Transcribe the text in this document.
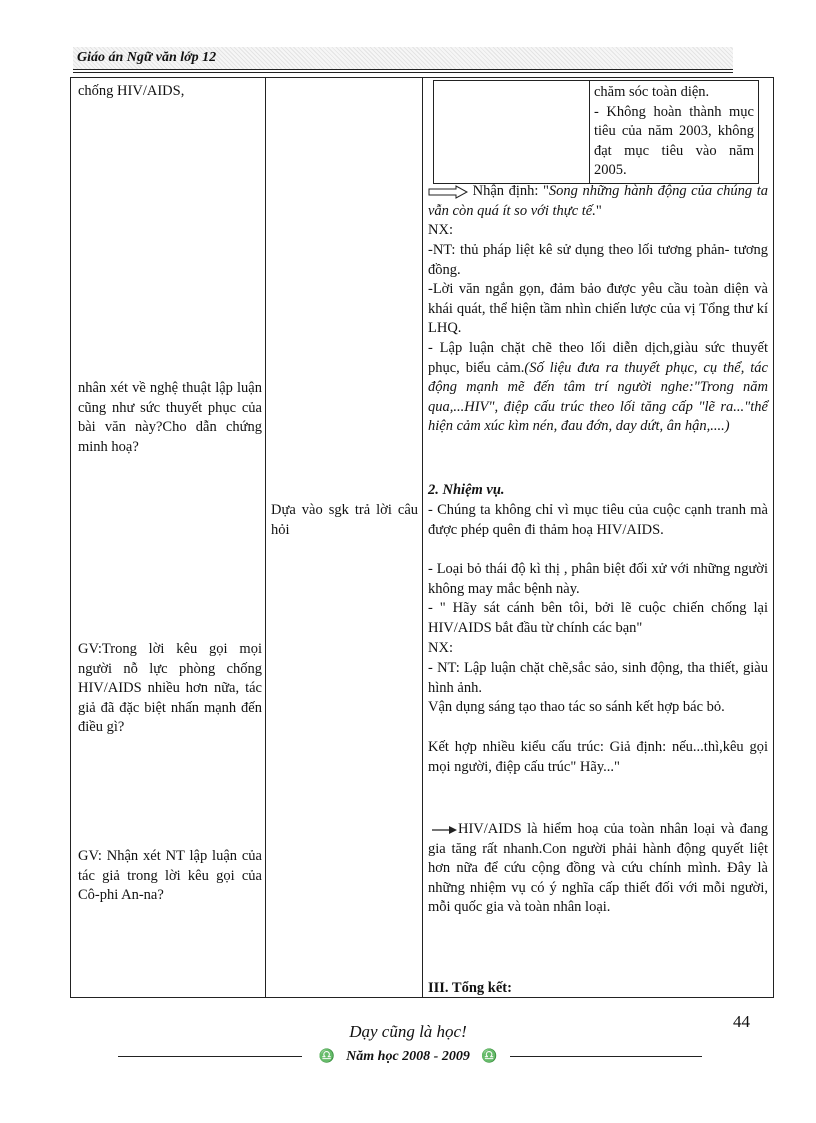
Giáo án Ngữ văn lớp 12

chống HIV/AIDS,

nhân xét về nghệ thuật lập luận cũng như sức thuyết phục của bài văn này?Cho dẫn chứng minh hoạ?

GV:Trong lời kêu gọi mọi người nỗ lực phòng chống HIV/AIDS nhiều hơn nữa, tác giả đã đặc biệt nhấn mạnh đến điều gì?

GV: Nhận xét NT lập luận của tác giả trong lời kêu gọi của Cô-phi An-na?

Dựa vào sgk trả lời câu hỏi

chăm sóc toàn diện.
- Không hoàn thành mục tiêu của năm 2003, không đạt mục tiêu vào năm 2005.

Nhận định: "Song những hành động của chúng ta vẫn còn quá ít so với thực tế."

NX:

-NT: thủ pháp liệt kê sử dụng theo lối tương phản- tương đồng.

-Lời văn ngắn gọn, đảm bảo được yêu cầu toàn diện và khái quát, thể hiện tầm nhìn chiến lược của vị Tổng thư kí LHQ.

- Lập luận chặt chẽ theo lối diễn dịch,giàu sức thuyết phục, biểu cảm.(Số liệu đưa ra thuyết phục, cụ thể, tác động mạnh mẽ đến tâm trí người nghe:"Trong năm qua,...HIV", điệp cấu trúc theo lối tăng cấp "lẽ ra..."thể hiện cảm xúc kìm nén, đau đớn, day dứt, ân hận,....)

2. Nhiệm vụ.

- Chúng ta không chỉ vì mục tiêu của cuộc cạnh tranh mà được phép quên đi thảm hoạ HIV/AIDS.

- Loại bỏ thái độ kì thị , phân biệt đối xử với những người không may mắc bệnh này.

- " Hãy sát cánh bên tôi, bởi lẽ cuộc chiến chống lại HIV/AIDS bắt đầu từ chính các bạn"

NX:

- NT: Lập luận chặt chẽ,sắc sảo, sinh động, tha thiết, giàu hình ảnh.

Vận dụng sáng tạo thao tác so sánh kết hợp bác bỏ.

Kết hợp nhiều kiểu cấu trúc: Giả định: nếu...thì,kêu gọi mọi người, điệp cấu trúc" Hãy..."

HIV/AIDS là hiểm hoạ của toàn nhân loại và đang gia tăng rất nhanh.Con người phải hành động quyết liệt hơn nữa để cứu cộng đồng và cứu chính mình. Đây là những nhiệm vụ có ý nghĩa cấp thiết đối với mỗi người, mỗi quốc gia và toàn nhân loại.

III. Tổng kết:

44
Dạy cũng là học!
♎ Năm học 2008 - 2009 ♎
